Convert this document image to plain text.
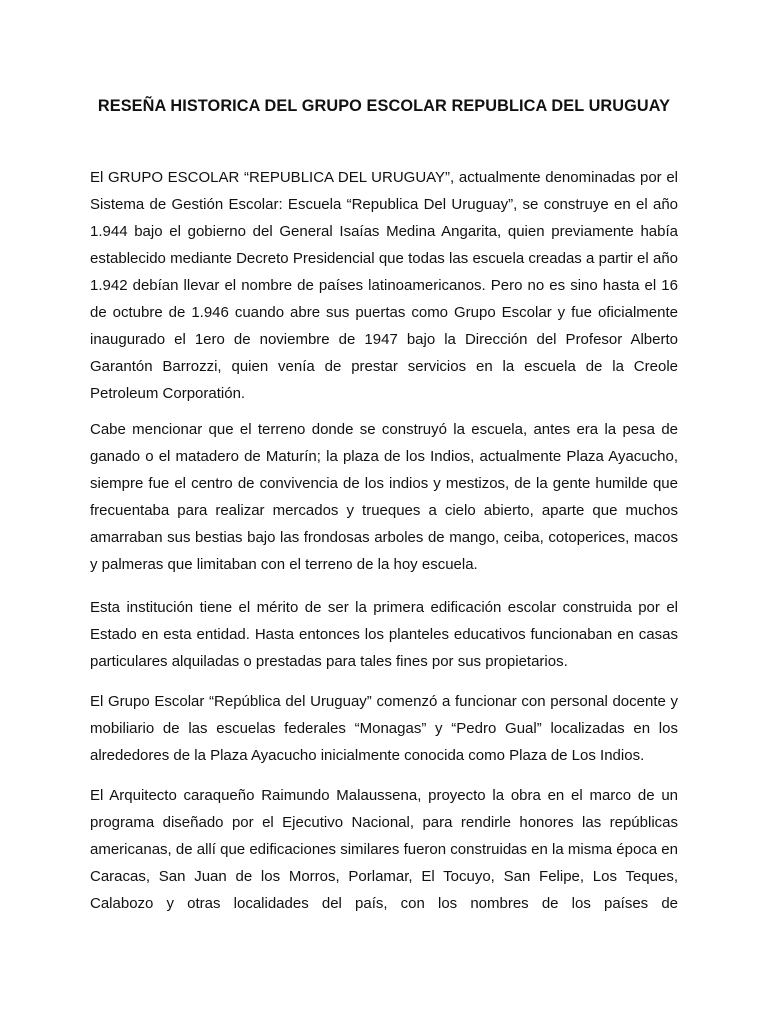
RESEÑA HISTORICA DEL GRUPO ESCOLAR REPUBLICA DEL URUGUAY

El GRUPO ESCOLAR “REPUBLICA DEL URUGUAY”, actualmente denominadas por el Sistema de Gestión Escolar: Escuela “Republica Del Uruguay”, se construye en el año 1.944 bajo el gobierno del General Isaías Medina Angarita, quien previamente había establecido mediante Decreto Presidencial que todas las escuela creadas a partir el año 1.942 debían llevar el nombre de países latinoamericanos. Pero no es sino hasta el 16 de octubre de 1.946 cuando abre sus puertas como Grupo Escolar y fue oficialmente inaugurado el 1ero de noviembre de 1947 bajo la Dirección del Profesor Alberto Garantón Barrozzi, quien venía de prestar servicios en la escuela de la Creole Petroleum Corporatión.

Cabe mencionar que el terreno donde se construyó la escuela, antes era la pesa de ganado o el matadero de Maturín; la plaza de los Indios, actualmente Plaza Ayacucho, siempre fue el centro de convivencia de los indios y mestizos, de la gente humilde que frecuentaba para realizar mercados y trueques a cielo abierto, aparte que muchos amarraban sus bestias bajo las frondosas arboles de mango, ceiba, cotoperices, macos y palmeras que limitaban con el terreno de la hoy escuela.

Esta institución tiene el mérito de ser la primera edificación escolar construida por el Estado en esta entidad. Hasta entonces los planteles educativos funcionaban en casas particulares alquiladas o prestadas para tales fines por sus propietarios.

El Grupo Escolar “República del Uruguay” comenzó a funcionar con personal docente y mobiliario de las escuelas federales “Monagas” y “Pedro Gual” localizadas en los alrededores de la Plaza Ayacucho inicialmente conocida como Plaza de Los Indios.

El Arquitecto caraqueño Raimundo Malaussena, proyecto la obra en el marco de un programa diseñado por el Ejecutivo Nacional, para rendirle honores las repúblicas americanas, de allí que edificaciones similares fueron construidas en la misma época en Caracas, San Juan de los Morros, Porlamar, El Tocuyo, San Felipe, Los Teques, Calabozo y otras localidades del país, con los nombres de los países de
